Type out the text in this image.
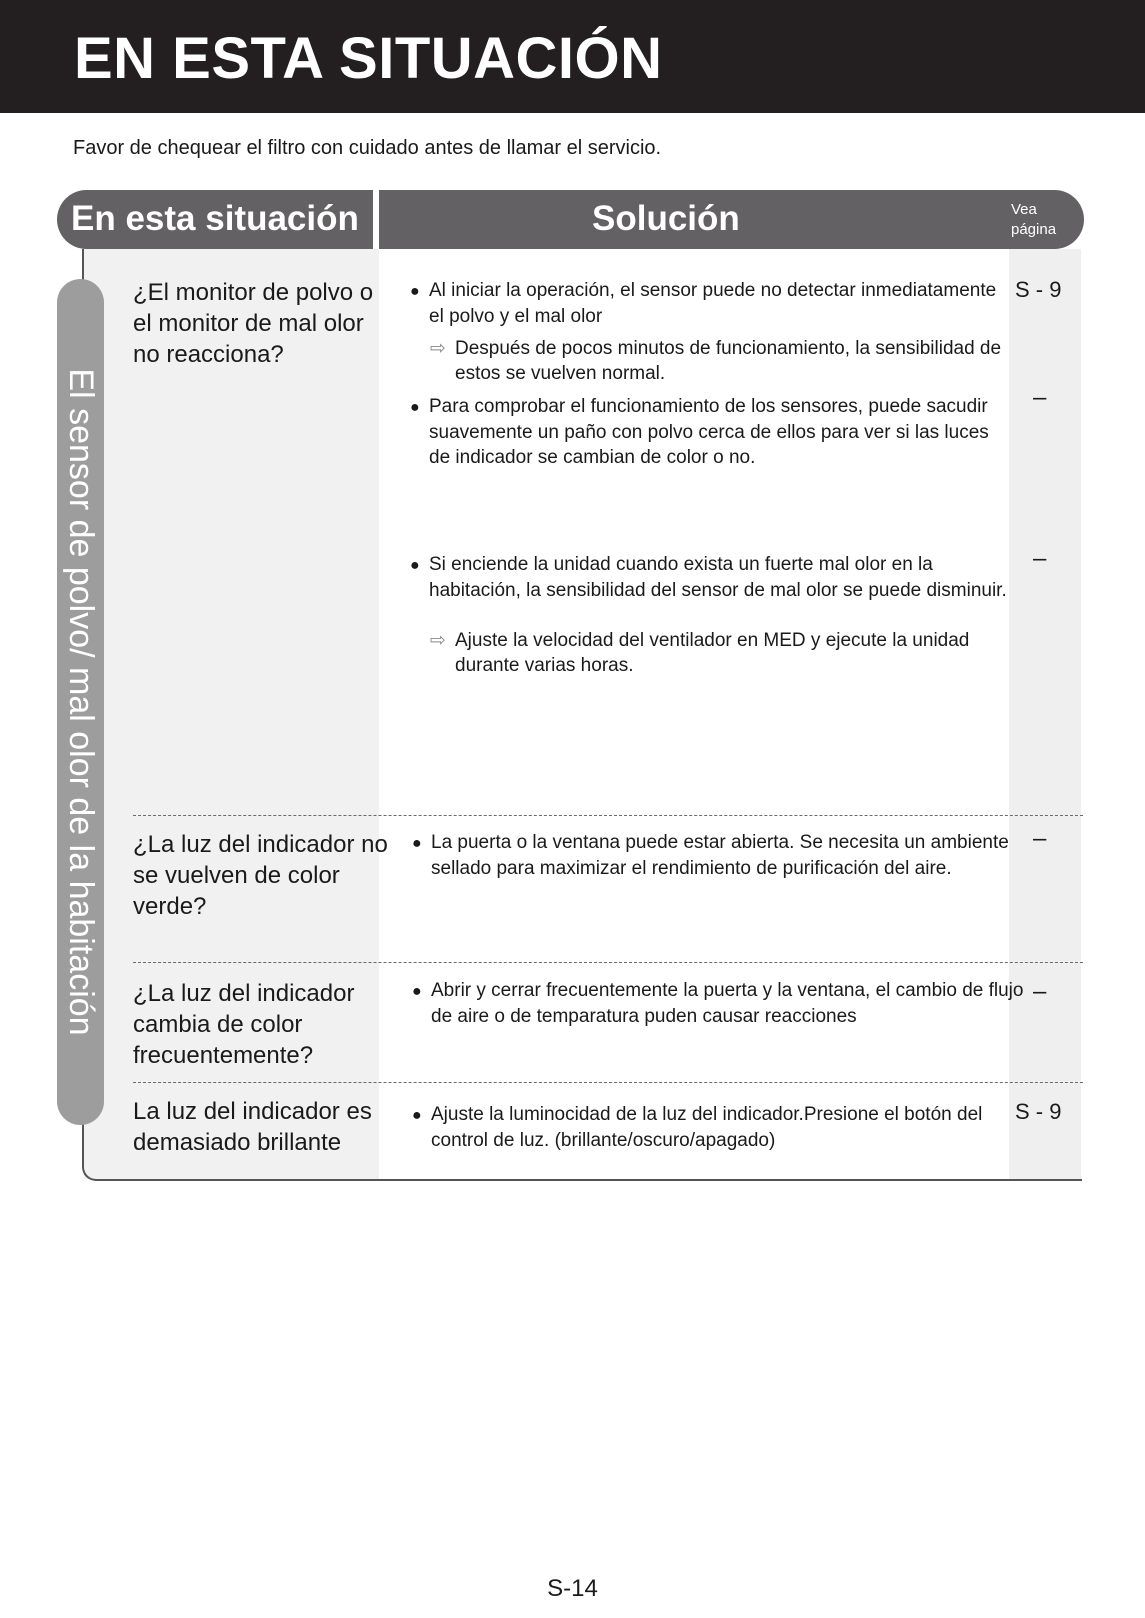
EN ESTA SITUACIÓN
Favor de chequear el filtro con cuidado antes de llamar el servicio.
En esta situación	Solución	Vea
página
El sensor de polvo/ mal olor de la habitación
¿El monitor de polvo o el monitor de mal olor no reacciona?
● Al iniciar la operación, el sensor puede no detectar inmediatamente el polvo y el mal olor
⇨ Después de pocos minutos de funcionamiento, la sensibilidad de estos se vuelven normal.
S - 9
● Para comprobar el funcionamiento de los sensores, puede sacudir suavemente un paño con polvo cerca de ellos para ver si las luces de indicador se cambian de color o no.
–
● Si enciende la unidad cuando exista un fuerte mal olor en la habitación, la sensibilidad del sensor de mal olor se puede disminuir.
⇨ Ajuste la velocidad del ventilador en MED y ejecute la unidad durante varias horas.
–
¿La luz del indicador no se vuelven de color verde?
● La puerta o la ventana puede estar abierta. Se necesita un ambiente sellado para maximizar el rendimiento de purificación del aire.
–
¿La luz del indicador cambia de color frecuentemente?
● Abrir y cerrar frecuentemente la puerta y la ventana, el cambio de flujo de aire o de temparatura puden causar reacciones
–
La luz del indicador es demasiado brillante
● Ajuste la luminocidad de la luz del indicador.Presione el botón del control de luz. (brillante/oscuro/apagado)
S - 9
S-14
